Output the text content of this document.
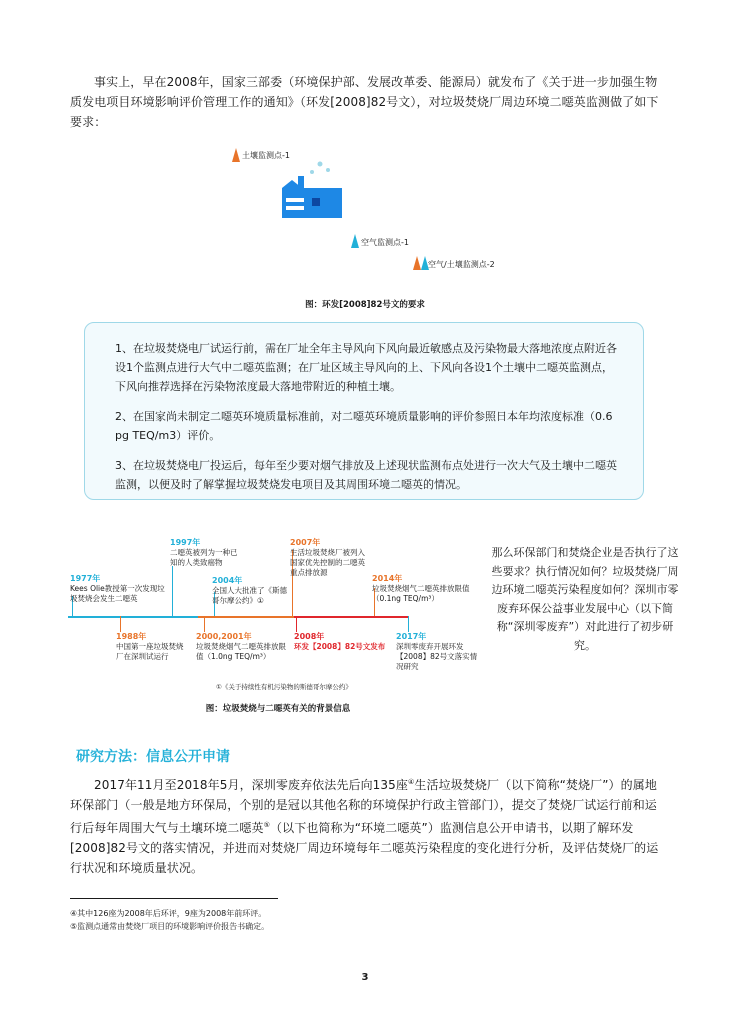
事实上，早在2008年，国家三部委（环境保护部、发展改革委、能源局）就发布了《关于进一步加强生物质发电项目环境影响评价管理工作的通知》（环发[2008]82号文），对垃圾焚烧厂周边环境二噁英监测做了如下要求：
土壤监测点-1
空气监测点-1
空气/土壤监测点-2
图：环发[2008]82号文的要求

1、在垃圾焚烧电厂试运行前，需在厂址全年主导风向下风向最近敏感点及污染物最大落地浓度点附近各设1个监测点进行大气中二噁英监测；在厂址区域主导风向的上、下风向各设1个土壤中二噁英监测点，下风向推荐选择在污染物浓度最大落地带附近的种植土壤。

2、在国家尚未制定二噁英环境质量标准前，对二噁英环境质量影响的评价参照日本年均浓度标准（0.6 pg TEQ/m3）评价。

3、在垃圾焚烧电厂投运后，每年至少要对烟气排放及上述现状监测布点处进行一次大气及土壤中二噁英监测，以便及时了解掌握垃圾焚烧发电项目及其周围环境二噁英的情况。

1977年
Kees Olie教授第一次发现垃圾焚烧会发生二噁英
1997年
二噁英被列为一种已知的人类致癌物
2004年
全国人大批准了《斯德哥尔摩公约》①
2007年
生活垃圾焚烧厂被列入国家优先控制的二噁英重点排放源
2014年
垃圾焚烧烟气二噁英排放限值（0.1ng TEQ/m³）
1988年
中国第一座垃圾焚烧厂在深圳试运行
2000,2001年
垃圾焚烧烟气二噁英排放限值（1.0ng TEQ/m³）
2008年
环发【2008】82号文发布
2017年
深圳零废弃开展环发【2008】82号文落实情况研究
①《关于持续性有机污染物的斯德哥尔摩公约》
图：垃圾焚烧与二噁英有关的背景信息
那么环保部门和焚烧企业是否执行了这些要求？执行情况如何？垃圾焚烧厂周边环境二噁英污染程度如何？深圳市零废弃环保公益事业发展中心（以下简称“深圳零废弃”）对此进行了初步研究。
研究方法：信息公开申请
2017年11月至2018年5月，深圳零废弃依法先后向135座④生活垃圾焚烧厂（以下简称“焚烧厂”）的属地环保部门（一般是地方环保局，个别的是冠以其他名称的环境保护行政主管部门），提交了焚烧厂试运行前和运行后每年周围大气与土壤环境二噁英⑤（以下也简称为“环境二噁英”）监测信息公开申请书，以期了解环发[2008]82号文的落实情况，并进而对焚烧厂周边环境每年二噁英污染程度的变化进行分析，及评估焚烧厂的运行状况和环境质量状况。
④其中126座为2008年后环评，9座为2008年前环评。
⑤监测点通常由焚烧厂项目的环境影响评价报告书确定。
3
